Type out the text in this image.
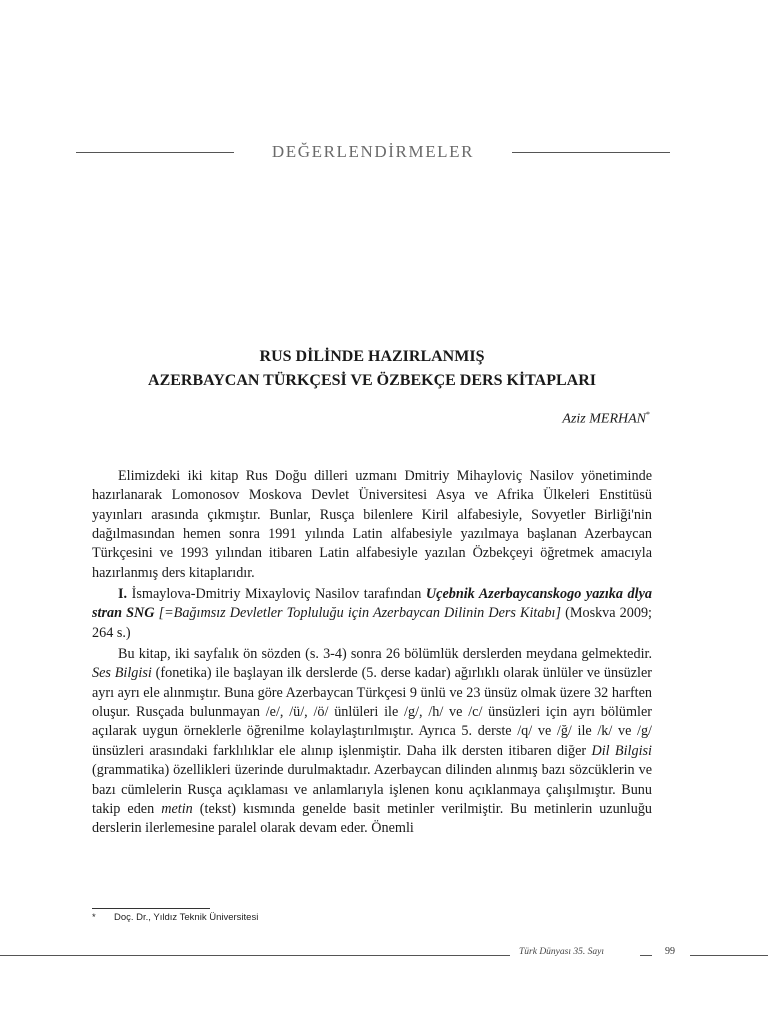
DEĞERLENDİRMELER
RUS DİLİNDE HAZIRLANMIŞ
AZERBAYCAN TÜRKÇESİ VE ÖZBEKÇE DERS KİTAPLARI
Aziz MERHAN*

Elimizdeki iki kitap Rus Doğu dilleri uzmanı Dmitriy Mihayloviç Nasilov yönetiminde hazırlanarak Lomonosov Moskova Devlet Üniversitesi Asya ve Afrika Ülkeleri Enstitüsü yayınları arasında çıkmıştır. Bunlar, Rusça bilenlere Kiril alfabesiyle, Sovyetler Birliği'nin dağılmasından hemen sonra 1991 yılında Latin alfabesiyle yazılmaya başlanan Azerbaycan Türkçesini ve 1993 yılından itibaren Latin alfabesiyle yazılan Özbekçeyi öğretmek amacıyla hazırlanmış ders kitaplarıdır.

I. İsmaylova-Dmitriy Mixayloviç Nasilov tarafından Uçebnik Azerbaycanskogo yazıka dlya stran SNG [=Bağımsız Devletler Topluluğu için Azerbaycan Dilinin Ders Kitabı] (Moskva 2009; 264 s.)

Bu kitap, iki sayfalık ön sözden (s. 3-4) sonra 26 bölümlük derslerden meydana gelmektedir. Ses Bilgisi (fonetika) ile başlayan ilk derslerde (5. derse kadar) ağırlıklı olarak ünlüler ve ünsüzler ayrı ayrı ele alınmıştır. Buna göre Azerbaycan Türkçesi 9 ünlü ve 23 ünsüz olmak üzere 32 harften oluşur. Rusçada bulunmayan /e/, /ü/, /ö/ ünlüleri ile /g/, /h/ ve /c/ ünsüzleri için ayrı bölümler açılarak uygun örneklerle öğrenilme kolaylaştırılmıştır. Ayrıca 5. derste /q/ ve /ğ/ ile /k/ ve /g/ ünsüzleri arasındaki farklılıklar ele alınıp işlenmiştir. Daha ilk dersten itibaren diğer Dil Bilgisi (grammatika) özellikleri üzerinde durulmaktadır. Azerbaycan dilinden alınmış bazı sözcüklerin ve bazı cümlelerin Rusça açıklaması ve anlamlarıyla işlenen konu açıklanmaya çalışılmıştır. Bunu takip eden metin (tekst) kısmında genelde basit metinler verilmiştir. Bu metinlerin uzunluğu derslerin ilerlemesine paralel olarak devam eder. Önemli

* Doç. Dr., Yıldız Teknik Üniversitesi
Türk Dünyası 35. Sayı	99
